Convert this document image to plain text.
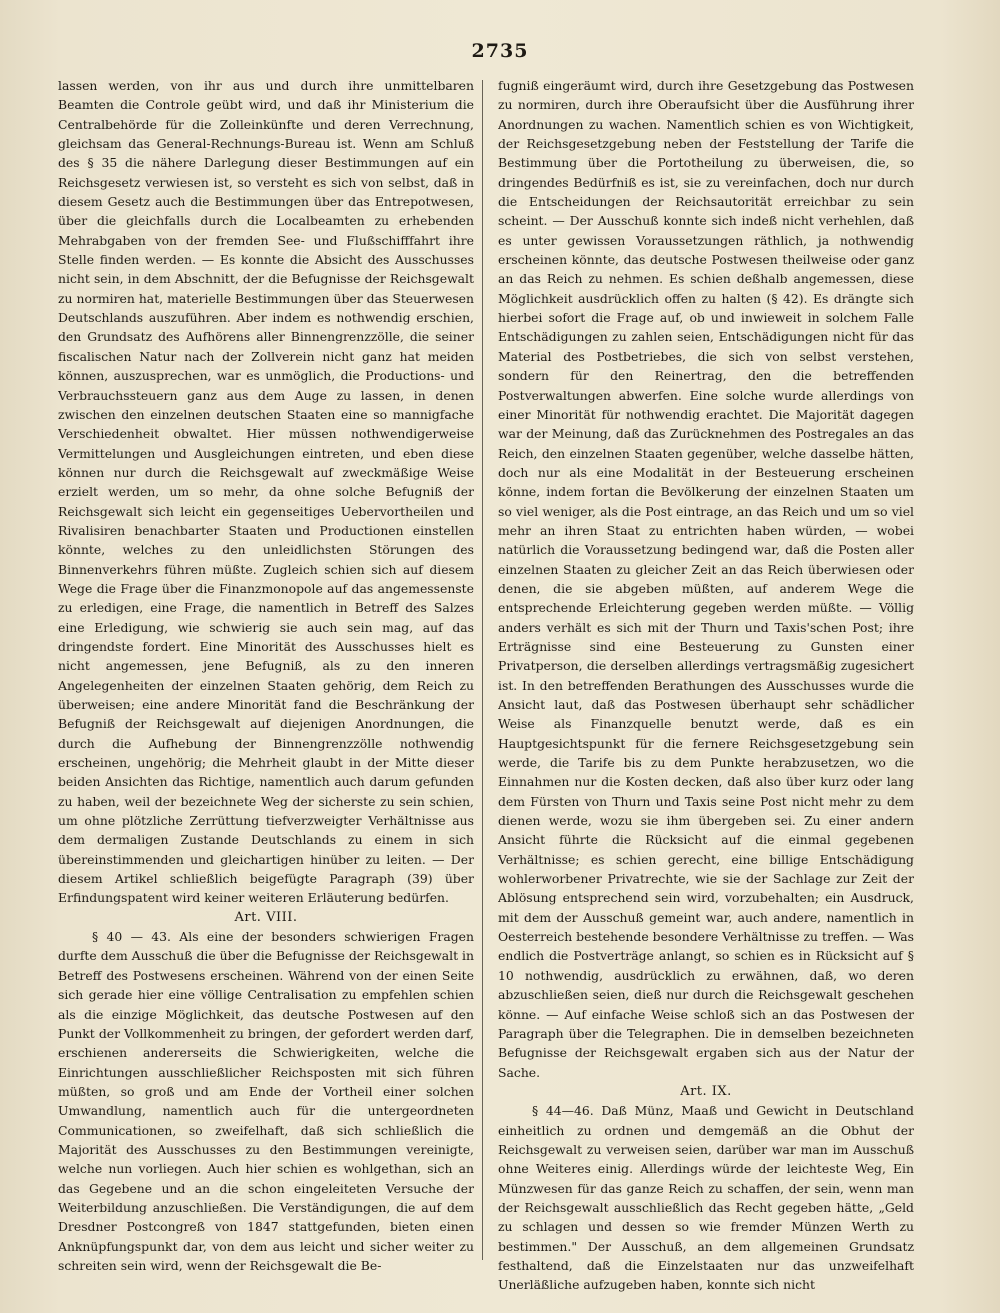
2735

lassen werden, von ihr aus und durch ihre unmittelbaren Beamten die Controle geübt wird, und daß ihr Ministerium die Centralbehörde für die Zolleinkünfte und deren Verrechnung, gleichsam das General-Rechnungs-Bureau ist. Wenn am Schluß des § 35 die nähere Darlegung dieser Bestimmungen auf ein Reichsgesetz verwiesen ist, so versteht es sich von selbst, daß in diesem Gesetz auch die Bestimmungen über das Entrepotwesen, über die gleichfalls durch die Localbeamten zu erhebenden Mehrabgaben von der fremden See- und Flußschifffahrt ihre Stelle finden werden. — Es konnte die Absicht des Ausschusses nicht sein, in dem Abschnitt, der die Befugnisse der Reichsgewalt zu normiren hat, materielle Bestimmungen über das Steuerwesen Deutschlands auszuführen. Aber indem es nothwendig erschien, den Grundsatz des Aufhörens aller Binnengrenzzölle, die seiner fiscalischen Natur nach der Zollverein nicht ganz hat meiden können, auszusprechen, war es unmöglich, die Productions- und Verbrauchssteuern ganz aus dem Auge zu lassen, in denen zwischen den einzelnen deutschen Staaten eine so mannigfache Verschiedenheit obwaltet. Hier müssen nothwendigerweise Vermittelungen und Ausgleichungen eintreten, und eben diese können nur durch die Reichsgewalt auf zweckmäßige Weise erzielt werden, um so mehr, da ohne solche Befugniß der Reichsgewalt sich leicht ein gegenseitiges Uebervortheilen und Rivalisiren benachbarter Staaten und Productionen einstellen könnte, welches zu den unleidlichsten Störungen des Binnenverkehrs führen müßte. Zugleich schien sich auf diesem Wege die Frage über die Finanzmonopole auf das angemessenste zu erledigen, eine Frage, die namentlich in Betreff des Salzes eine Erledigung, wie schwierig sie auch sein mag, auf das dringendste fordert. Eine Minorität des Ausschusses hielt es nicht angemessen, jene Befugniß, als zu den inneren Angelegenheiten der einzelnen Staaten gehörig, dem Reich zu überweisen; eine andere Minorität fand die Beschränkung der Befugniß der Reichsgewalt auf diejenigen Anordnungen, die durch die Aufhebung der Binnengrenzzölle nothwendig erscheinen, ungehörig; die Mehrheit glaubt in der Mitte dieser beiden Ansichten das Richtige, namentlich auch darum gefunden zu haben, weil der bezeichnete Weg der sicherste zu sein schien, um ohne plötzliche Zerrüttung tiefverzweigter Verhältnisse aus dem dermaligen Zustande Deutschlands zu einem in sich übereinstimmenden und gleichartigen hinüber zu leiten. — Der diesem Artikel schließlich beigefügte Paragraph (39) über Erfindungspatent wird keiner weiteren Erläuterung bedürfen.

Art. VIII.

§ 40 — 43. Als eine der besonders schwierigen Fragen durfte dem Ausschuß die über die Befugnisse der Reichsgewalt in Betreff des Postwesens erscheinen. Während von der einen Seite sich gerade hier eine völlige Centralisation zu empfehlen schien als die einzige Möglichkeit, das deutsche Postwesen auf den Punkt der Vollkommenheit zu bringen, der gefordert werden darf, erschienen andererseits die Schwierigkeiten, welche die Einrichtungen ausschließlicher Reichsposten mit sich führen müßten, so groß und am Ende der Vortheil einer solchen Umwandlung, namentlich auch für die untergeordneten Communicationen, so zweifelhaft, daß sich schließlich die Majorität des Ausschusses zu den Bestimmungen vereinigte, welche nun vorliegen. Auch hier schien es wohlgethan, sich an das Gegebene und an die schon eingeleiteten Versuche der Weiterbildung anzuschließen. Die Verständigungen, die auf dem Dresdner Postcongreß von 1847 stattgefunden, bieten einen Anknüpfungspunkt dar, von dem aus leicht und sicher weiter zu schreiten sein wird, wenn der Reichsgewalt die Be-

fugniß eingeräumt wird, durch ihre Gesetzgebung das Postwesen zu normiren, durch ihre Oberaufsicht über die Ausführung ihrer Anordnungen zu wachen. Namentlich schien es von Wichtigkeit, der Reichsgesetzgebung neben der Feststellung der Tarife die Bestimmung über die Portotheilung zu überweisen, die, so dringendes Bedürfniß es ist, sie zu vereinfachen, doch nur durch die Entscheidungen der Reichsautorität erreichbar zu sein scheint. — Der Ausschuß konnte sich indeß nicht verhehlen, daß es unter gewissen Voraussetzungen räthlich, ja nothwendig erscheinen könnte, das deutsche Postwesen theilweise oder ganz an das Reich zu nehmen. Es schien deßhalb angemessen, diese Möglichkeit ausdrücklich offen zu halten (§ 42). Es drängte sich hierbei sofort die Frage auf, ob und inwieweit in solchem Falle Entschädigungen zu zahlen seien, Entschädigungen nicht für das Material des Postbetriebes, die sich von selbst verstehen, sondern für den Reinertrag, den die betreffenden Postverwaltungen abwerfen. Eine solche wurde allerdings von einer Minorität für nothwendig erachtet. Die Majorität dagegen war der Meinung, daß das Zurücknehmen des Postregales an das Reich, den einzelnen Staaten gegenüber, welche dasselbe hätten, doch nur als eine Modalität in der Besteuerung erscheinen könne, indem fortan die Bevölkerung der einzelnen Staaten um so viel weniger, als die Post eintrage, an das Reich und um so viel mehr an ihren Staat zu entrichten haben würden, — wobei natürlich die Voraussetzung bedingend war, daß die Posten aller einzelnen Staaten zu gleicher Zeit an das Reich überwiesen oder denen, die sie abgeben müßten, auf anderem Wege die entsprechende Erleichterung gegeben werden müßte. — Völlig anders verhält es sich mit der Thurn und Taxis'schen Post; ihre Erträgnisse sind eine Besteuerung zu Gunsten einer Privatperson, die derselben allerdings vertragsmäßig zugesichert ist. In den betreffenden Berathungen des Ausschusses wurde die Ansicht laut, daß das Postwesen überhaupt sehr schädlicher Weise als Finanzquelle benutzt werde, daß es ein Hauptgesichtspunkt für die fernere Reichsgesetzgebung sein werde, die Tarife bis zu dem Punkte herabzusetzen, wo die Einnahmen nur die Kosten decken, daß also über kurz oder lang dem Fürsten von Thurn und Taxis seine Post nicht mehr zu dem dienen werde, wozu sie ihm übergeben sei. Zu einer andern Ansicht führte die Rücksicht auf die einmal gegebenen Verhältnisse; es schien gerecht, eine billige Entschädigung wohlerworbener Privatrechte, wie sie der Sachlage zur Zeit der Ablösung entsprechend sein wird, vorzubehalten; ein Ausdruck, mit dem der Ausschuß gemeint war, auch andere, namentlich in Oesterreich bestehende besondere Verhältnisse zu treffen. — Was endlich die Postverträge anlangt, so schien es in Rücksicht auf § 10 nothwendig, ausdrücklich zu erwähnen, daß, wo deren abzuschließen seien, dieß nur durch die Reichsgewalt geschehen könne. — Auf einfache Weise schloß sich an das Postwesen der Paragraph über die Telegraphen. Die in demselben bezeichneten Befugnisse der Reichsgewalt ergaben sich aus der Natur der Sache.

Art. IX.

§ 44—46. Daß Münz, Maaß und Gewicht in Deutschland einheitlich zu ordnen und demgemäß an die Obhut der Reichsgewalt zu verweisen seien, darüber war man im Ausschuß ohne Weiteres einig. Allerdings würde der leichteste Weg, Ein Münzwesen für das ganze Reich zu schaffen, der sein, wenn man der Reichsgewalt ausschließlich das Recht gegeben hätte, „Geld zu schlagen und dessen so wie fremder Münzen Werth zu bestimmen." Der Ausschuß, an dem allgemeinen Grundsatz festhaltend, daß die Einzelstaaten nur das unzweifelhaft Unerläßliche aufzugeben haben, konnte sich nicht
